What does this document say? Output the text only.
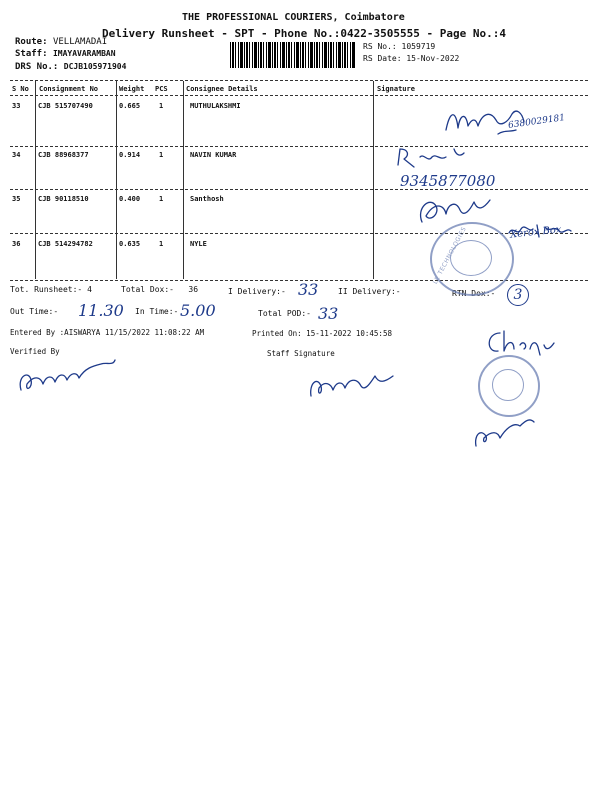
THE PROFESSIONAL COURIERS, Coimbatore
Delivery Runsheet - SPT - Phone No.:0422-3505555 - Page No.:4
Route: VELLAMADAI
Staff: IMAYAVARAMBAN
DRS No.: DCJB105971904
RS No.: 1059719
RS Date: 15-Nov-2022
S No Consignment No	Weight PCS	Consignee Details	Signature
33	CJB 515707490	0.665	1	MUTHULAKSHMI
34	CJB 88968377	0.914	1	NAVIN KUMAR
35	CJB 90118510	0.400	1	Santhosh
36	CJB 514294782	0.635	1	NYLE
Tot. Runsheet:- 4	Total Dox:-   36	I Delivery:- 33 II Delivery:-	RTN Dox:-	3
Out Time:- 11.30 In Time:- 5.00	Total POD:- 33
Entered By :AISWARYA 11/15/2022 11:08:22 AM	Printed On: 15-11-2022 10:45:58
Verified By	Staff Signature
6380029181
9345877080
Xerox Box
LE TECHNOLOGIES
